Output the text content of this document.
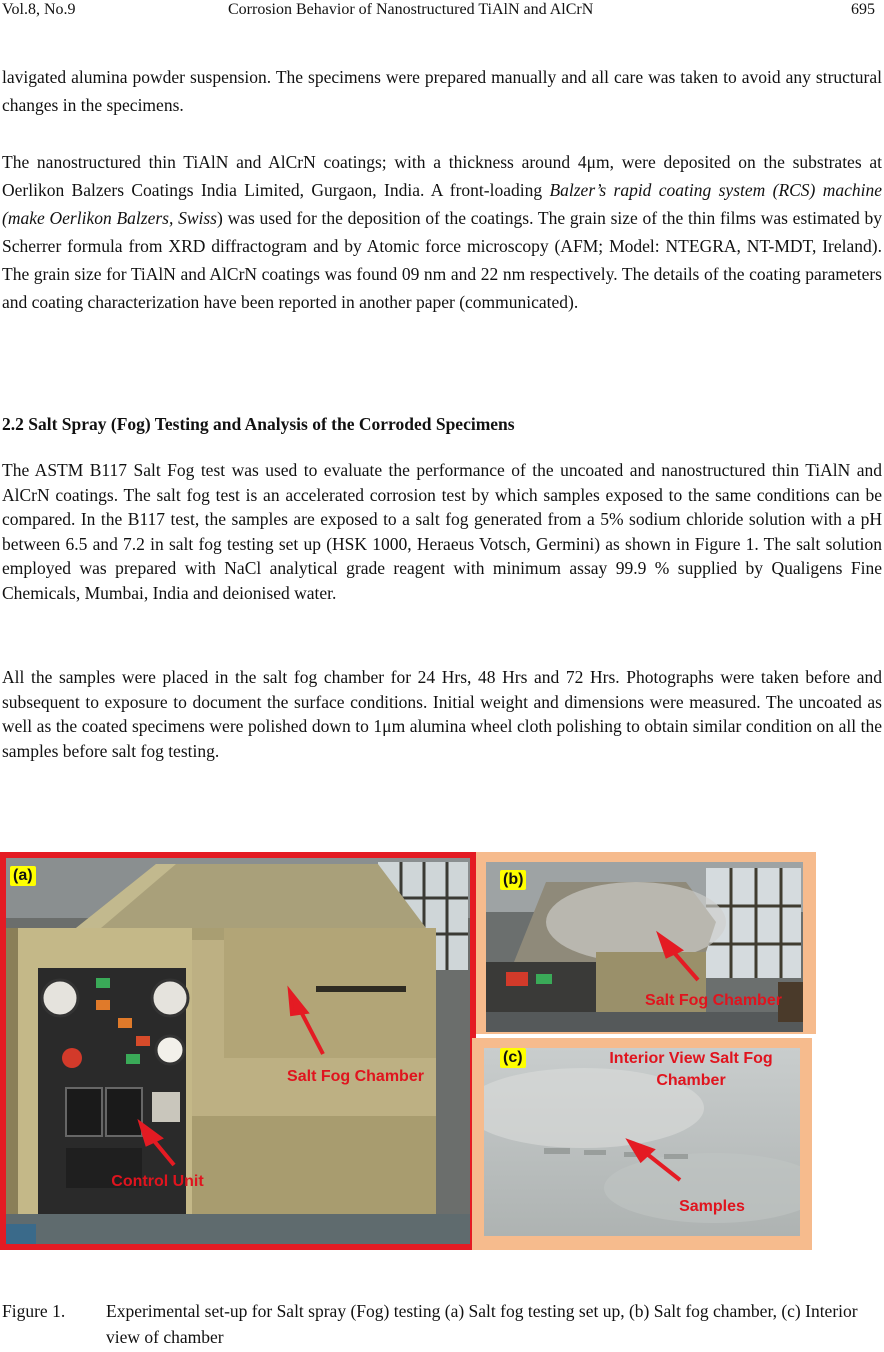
Vol.8, No.9	Corrosion Behavior of Nanostructured TiAlN and AlCrN	695

lavigated alumina powder suspension. The specimens were prepared manually and all care was taken to avoid any structural changes in the specimens.

The nanostructured thin TiAlN and AlCrN coatings; with a thickness around 4μm, were deposited on the substrates at Oerlikon Balzers Coatings India Limited, Gurgaon, India. A front-loading Balzer’s rapid coating system (RCS) machine (make Oerlikon Balzers, Swiss) was used for the deposition of the coatings. The grain size of the thin films was estimated by Scherrer formula from XRD diffractogram and by Atomic force microscopy (AFM; Model: NTEGRA, NT-MDT, Ireland). The grain size for TiAlN and AlCrN coatings was found 09 nm and 22 nm respectively. The details of the coating parameters and coating characterization have been reported in another paper (communicated).

2.2 Salt Spray (Fog) Testing and Analysis of the Corroded Specimens

The ASTM B117 Salt Fog test was used to evaluate the performance of the uncoated and nanostructured thin TiAlN and AlCrN coatings. The salt fog test is an accelerated corrosion test by which samples exposed to the same conditions can be compared. In the B117 test, the samples are exposed to a salt fog generated from a 5% sodium chloride solution with a pH between 6.5 and 7.2 in salt fog testing set up (HSK 1000, Heraeus Votsch, Germini) as shown in Figure 1. The salt solution employed was prepared with NaCl analytical grade reagent with minimum assay 99.9 % supplied by Qualigens Fine Chemicals, Mumbai, India and deionised water.

All the samples were placed in the salt fog chamber for 24 Hrs, 48 Hrs and 72 Hrs. Photographs were taken before and subsequent to exposure to document the surface conditions. Initial weight and dimensions were measured. The uncoated as well as the coated specimens were polished down to 1μm alumina wheel cloth polishing to obtain similar condition on all the samples before salt fog testing.

(a)
Salt Fog Chamber
Control Unit
(b)
Salt Fog Chamber
(c)	Interior View Salt Fog Chamber
Samples
Figure 1. Experimental set-up for Salt spray (Fog) testing (a) Salt fog testing set up, (b) Salt fog chamber, (c) Interior view of chamber
